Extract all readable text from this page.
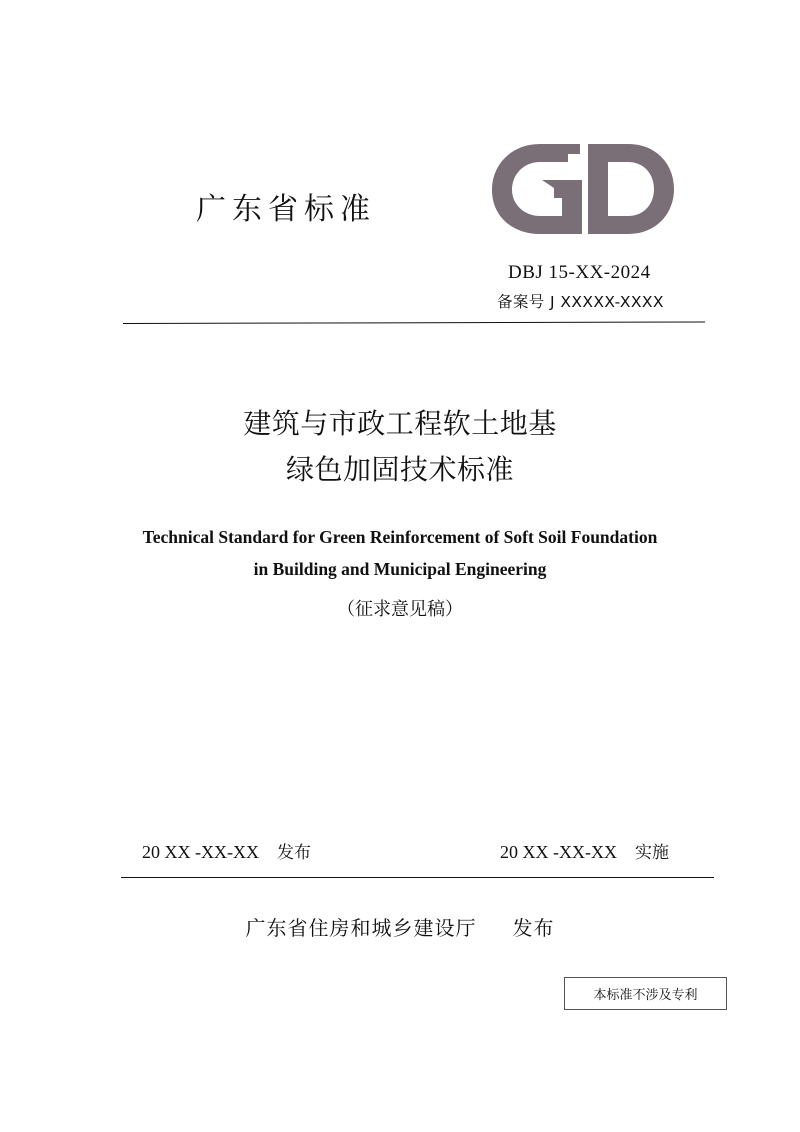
广东省标准
DBJ 15-XX-2024
备案号 J XXXXX-XXXX
建筑与市政工程软土地基
绿色加固技术标准
Technical Standard for Green Reinforcement of Soft Soil Foundation
in Building and Municipal Engineering
（征求意见稿）
20 XX -XX-XX 发布	20 XX -XX-XX 实施
广东省住房和城乡建设厅 发布
本标准不涉及专利
